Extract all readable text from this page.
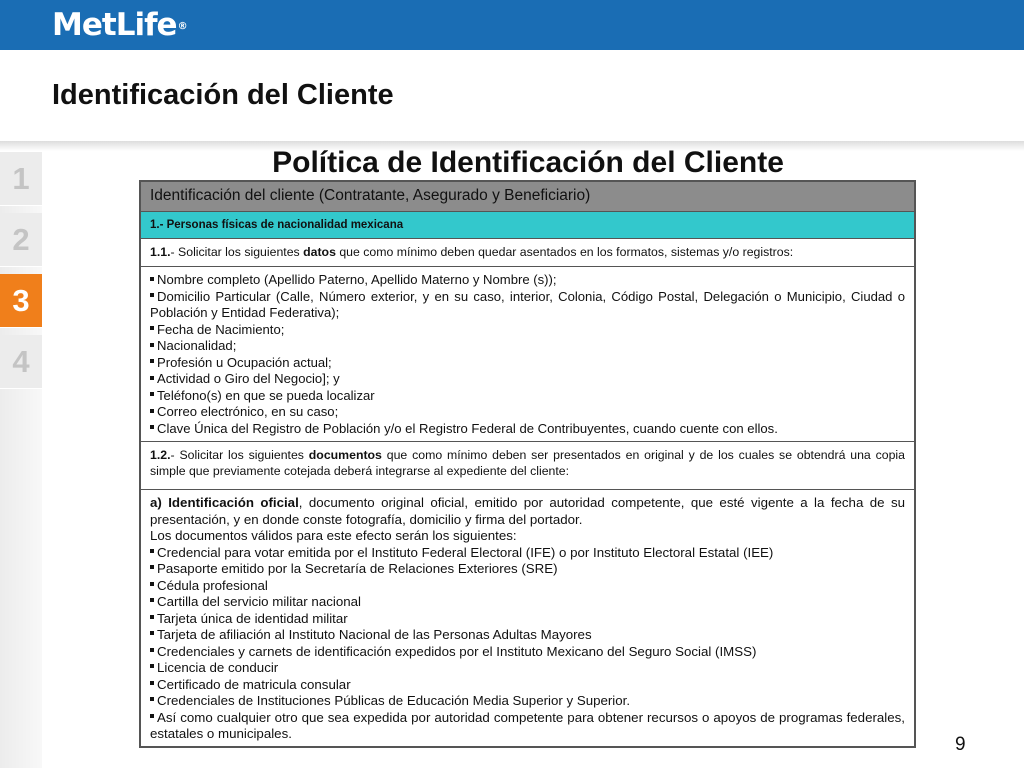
MetLife®
Identificación del Cliente
1
2
3
4
Política de Identificación del Cliente
Identificación del cliente (Contratante, Asegurado y Beneficiario)
1.- Personas físicas de nacionalidad mexicana
1.1.- Solicitar los siguientes datos que como mínimo deben quedar asentados en los formatos, sistemas y/o registros:
Nombre completo (Apellido Paterno, Apellido Materno y Nombre (s));
Domicilio Particular (Calle, Número exterior, y en su caso, interior, Colonia, Código Postal, Delegación o Municipio, Ciudad o Población y Entidad Federativa);
Fecha de Nacimiento;
Nacionalidad;
Profesión u Ocupación actual;
Actividad o Giro del Negocio]; y
Teléfono(s) en que se pueda localizar
Correo electrónico, en su caso;
Clave Única del Registro de Población y/o el Registro Federal de Contribuyentes, cuando cuente con ellos.
1.2.- Solicitar los siguientes documentos que como mínimo deben ser presentados en original y de los cuales se obtendrá una copia simple que previamente cotejada deberá integrarse al expediente del cliente:
a) Identificación oficial, documento original oficial, emitido por autoridad competente, que esté vigente a la fecha de su presentación, y en donde conste fotografía, domicilio y firma del portador.
Los documentos válidos para este efecto serán los siguientes:
Credencial para votar emitida por el Instituto Federal Electoral (IFE) o por Instituto Electoral Estatal (IEE)
Pasaporte emitido por la Secretaría de Relaciones Exteriores (SRE)
Cédula profesional
Cartilla del servicio militar nacional
Tarjeta única de identidad militar
Tarjeta de afiliación al Instituto Nacional de las Personas Adultas Mayores
Credenciales y carnets de identificación expedidos por el Instituto Mexicano del Seguro Social (IMSS)
Licencia de conducir
Certificado de matricula consular
Credenciales de Instituciones Públicas de Educación Media Superior y Superior.
Así como cualquier otro que sea expedida por autoridad competente para obtener recursos o apoyos de programas federales, estatales o municipales.
9
